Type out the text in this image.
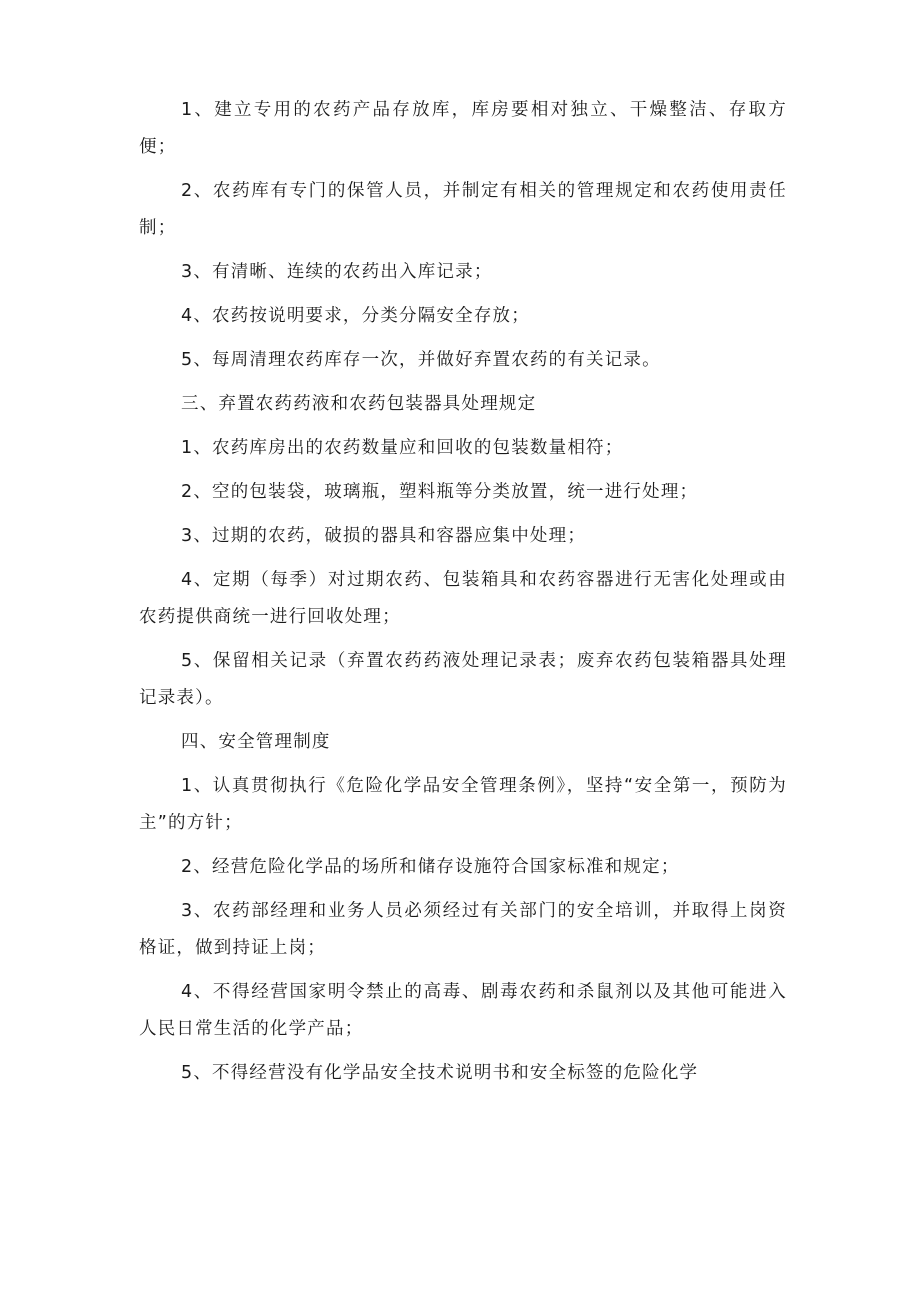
1、建立专用的农药产品存放库，库房要相对独立、干燥整洁、存取方便；

2、农药库有专门的保管人员，并制定有相关的管理规定和农药使用责任制；

3、有清晰、连续的农药出入库记录；

4、农药按说明要求，分类分隔安全存放；

5、每周清理农药库存一次，并做好弃置农药的有关记录。

三、弃置农药药液和农药包装器具处理规定

1、农药库房出的农药数量应和回收的包装数量相符；

2、空的包装袋，玻璃瓶，塑料瓶等分类放置，统一进行处理；

3、过期的农药，破损的器具和容器应集中处理；

4、定期（每季）对过期农药、包装箱具和农药容器进行无害化处理或由农药提供商统一进行回收处理；

5、保留相关记录（弃置农药药液处理记录表；废弃农药包装箱器具处理记录表）。

四、安全管理制度

1、认真贯彻执行《危险化学品安全管理条例》，坚持“安全第一，预防为主”的方针；

2、经营危险化学品的场所和储存设施符合国家标准和规定；

3、农药部经理和业务人员必须经过有关部门的安全培训，并取得上岗资格证，做到持证上岗；

4、不得经营国家明令禁止的高毒、剧毒农药和杀鼠剂以及其他可能进入人民日常生活的化学产品；

5、不得经营没有化学品安全技术说明书和安全标签的危险化学
